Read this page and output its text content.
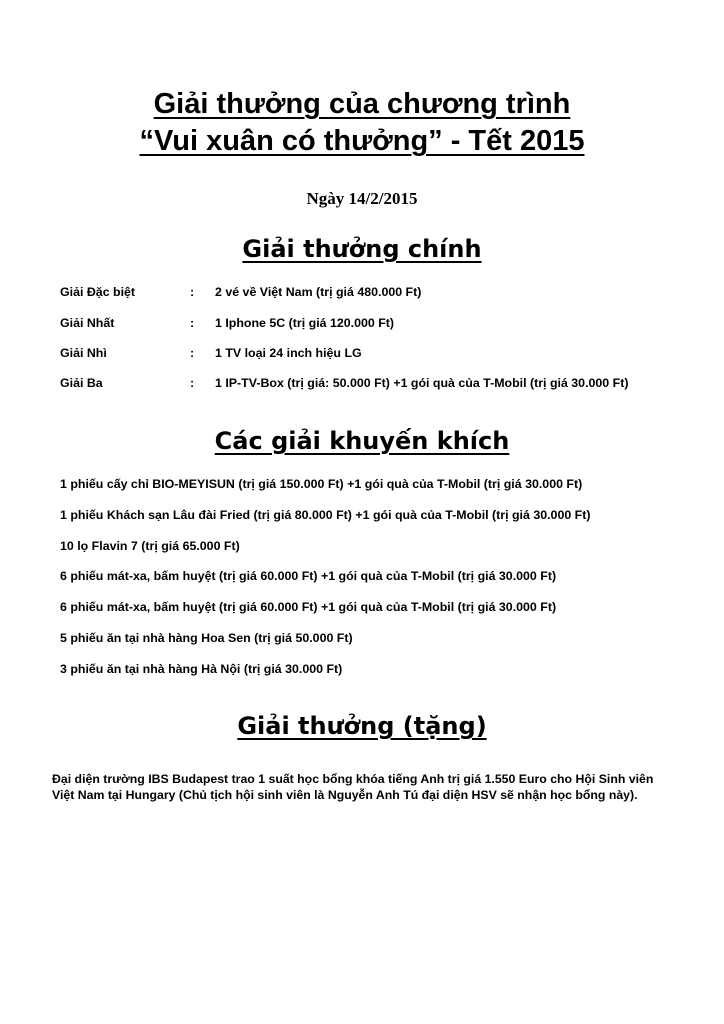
Giải thưởng của chương trình
“Vui xuân có thưởng” - Tết 2015
Ngày 14/2/2015
Giải thưởng chính
Giải Đặc biệt	: 2 vé về Việt Nam (trị giá 480.000 Ft)
Giải Nhất	: 1 Iphone 5C (trị giá 120.000 Ft)
Giải Nhì	: 1 TV loại 24 inch hiệu LG
Giải Ba	: 1 IP-TV-Box (trị giá: 50.000 Ft) +1 gói quà của T-Mobil (trị giá 30.000 Ft)
Các giải khuyến khích
1 phiếu cấy chỉ BIO-MEYISUN (trị giá 150.000 Ft) +1 gói quà của T-Mobil (trị giá 30.000 Ft)
1 phiếu Khách sạn Lâu đài Fried (trị giá 80.000 Ft) +1 gói quà của T-Mobil (trị giá 30.000 Ft)
10 lọ Flavin 7 (trị giá 65.000 Ft)
6 phiếu mát-xa, bấm huyệt (trị giá 60.000 Ft) +1 gói quà của T-Mobil (trị giá 30.000 Ft)
6 phiếu mát-xa, bấm huyệt (trị giá 60.000 Ft) +1 gói quà của T-Mobil (trị giá 30.000 Ft)
5 phiếu ăn tại nhà hàng Hoa Sen (trị giá 50.000 Ft)
3 phiếu ăn tại nhà hàng Hà Nội (trị giá 30.000 Ft)
Giải thưởng (tặng)
Đại diện trường IBS Budapest trao 1 suất học bổng khóa tiếng Anh trị giá 1.550 Euro cho Hội Sinh viên Việt Nam tại Hungary (Chủ tịch hội sinh viên là Nguyễn Anh Tú đại diện HSV sẽ nhận học bổng này).
